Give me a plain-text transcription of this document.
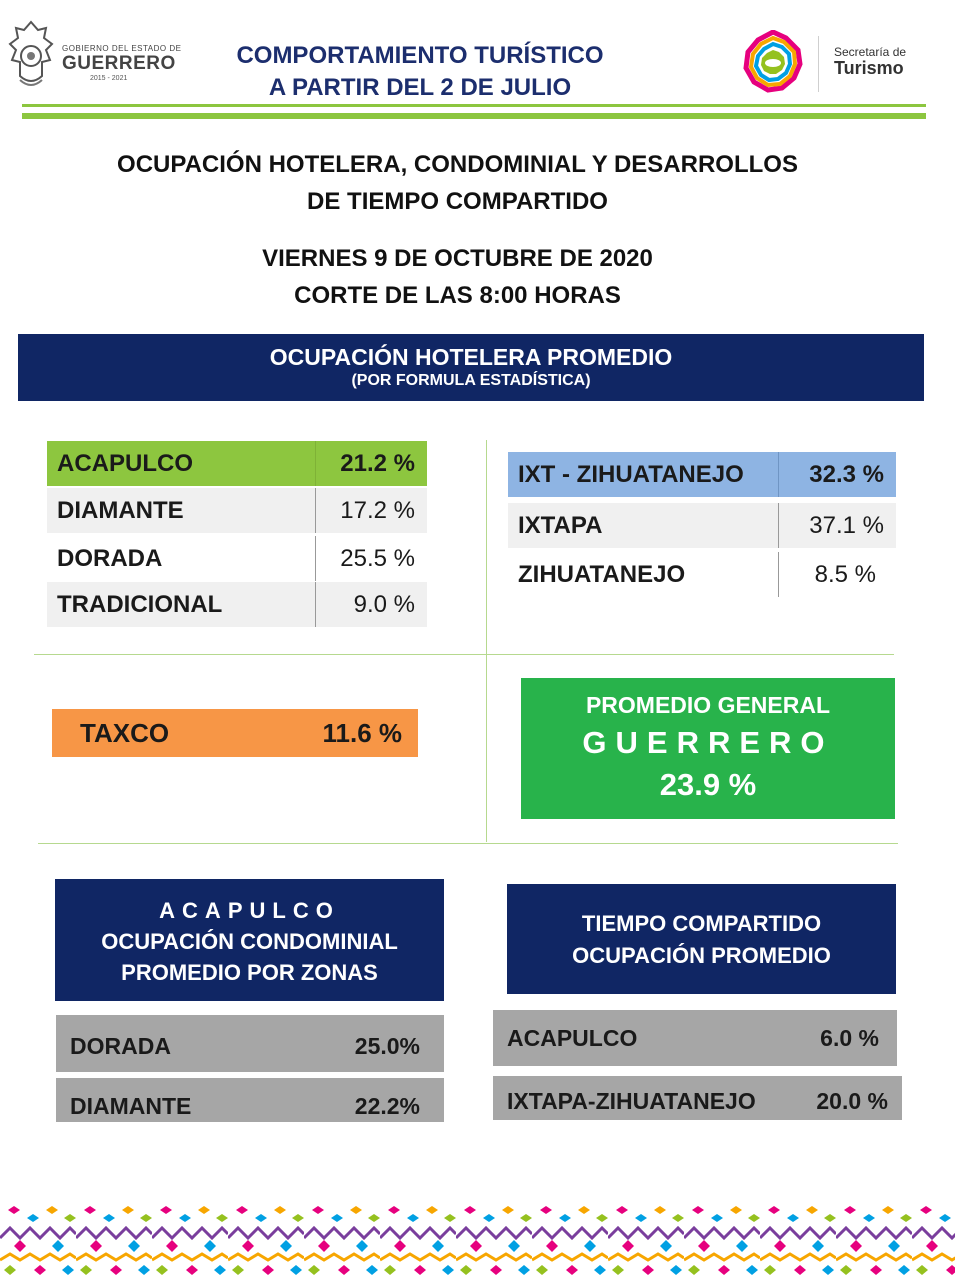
GOBIERNO DEL ESTADO DE
GUERRERO
2015 - 2021
COMPORTAMIENTO TURÍSTICO
A PARTIR DEL 2 DE JULIO
Secretaría de
Turismo
OCUPACIÓN HOTELERA, CONDOMINIAL Y DESARROLLOS
DE TIEMPO COMPARTIDO
VIERNES 9 DE OCTUBRE DE 2020
CORTE DE LAS 8:00 HORAS
OCUPACIÓN HOTELERA PROMEDIO
(POR FORMULA ESTADÍSTICA)
ACAPULCO	21.2 %
DIAMANTE	17.2 %
DORADA	25.5 %
TRADICIONAL	9.0 %
IXT - ZIHUATANEJO	32.3 %
IXTAPA	37.1 %
ZIHUATANEJO	8.5 %
TAXCO	11.6 %
PROMEDIO GENERAL
GUERRERO
23.9 %
ACAPULCO
OCUPACIÓN CONDOMINIAL
PROMEDIO POR ZONAS
DORADA	25.0%
DIAMANTE	22.2%
TIEMPO COMPARTIDO
OCUPACIÓN PROMEDIO
ACAPULCO	6.0 %
IXTAPA-ZIHUATANEJO	20.0 %
